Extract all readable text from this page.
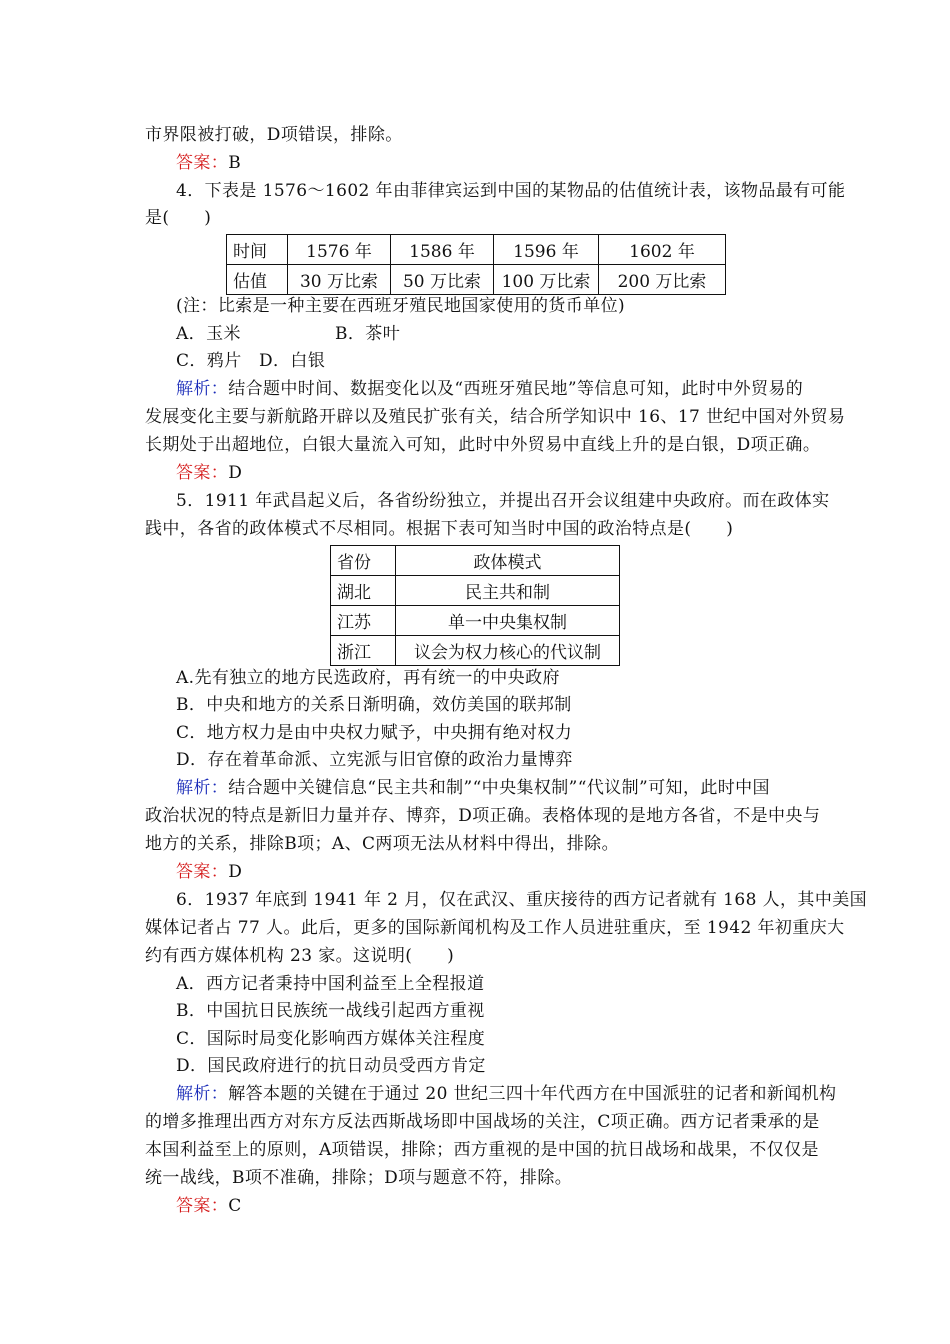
市界限被打破，D项错误，排除。
答案：B
4．下表是 1576～1602 年由菲律宾运到中国的某物品的估值统计表，该物品最有可能
是(　　)
时间	1576 年	1586 年	1596 年	1602 年
估值	30 万比索	50 万比索	100 万比索	200 万比索
(注：比索是一种主要在西班牙殖民地国家使用的货币单位)
A．玉米	B．茶叶
C．鸦片　D．白银
解析：结合题中时间、数据变化以及“西班牙殖民地”等信息可知，此时中外贸易的
发展变化主要与新航路开辟以及殖民扩张有关，结合所学知识中 16、17 世纪中国对外贸易
长期处于出超地位，白银大量流入可知，此时中外贸易中直线上升的是白银，D项正确。
答案：D
5．1911 年武昌起义后，各省纷纷独立，并提出召开会议组建中央政府。而在政体实
践中，各省的政体模式不尽相同。根据下表可知当时中国的政治特点是(　　)
省份	政体模式
湖北	民主共和制
江苏	单一中央集权制
浙江	议会为权力核心的代议制
A.先有独立的地方民选政府，再有统一的中央政府
B．中央和地方的关系日渐明确，效仿美国的联邦制
C．地方权力是由中央权力赋予，中央拥有绝对权力
D．存在着革命派、立宪派与旧官僚的政治力量博弈
解析：结合题中关键信息“民主共和制”“中央集权制”“代议制”可知，此时中国
政治状况的特点是新旧力量并存、博弈，D项正确。表格体现的是地方各省，不是中央与
地方的关系，排除B项；A、C两项无法从材料中得出，排除。
答案：D
6．1937 年底到 1941 年 2 月，仅在武汉、重庆接待的西方记者就有 168 人，其中美国
媒体记者占 77 人。此后，更多的国际新闻机构及工作人员进驻重庆，至 1942 年初重庆大
约有西方媒体机构 23 家。这说明(　　)
A．西方记者秉持中国利益至上全程报道
B．中国抗日民族统一战线引起西方重视
C．国际时局变化影响西方媒体关注程度
D．国民政府进行的抗日动员受西方肯定
解析：解答本题的关键在于通过 20 世纪三四十年代西方在中国派驻的记者和新闻机构
的增多推理出西方对东方反法西斯战场即中国战场的关注，C项正确。西方记者秉承的是
本国利益至上的原则，A项错误，排除；西方重视的是中国的抗日战场和战果，不仅仅是
统一战线，B项不准确，排除；D项与题意不符，排除。
答案：C
